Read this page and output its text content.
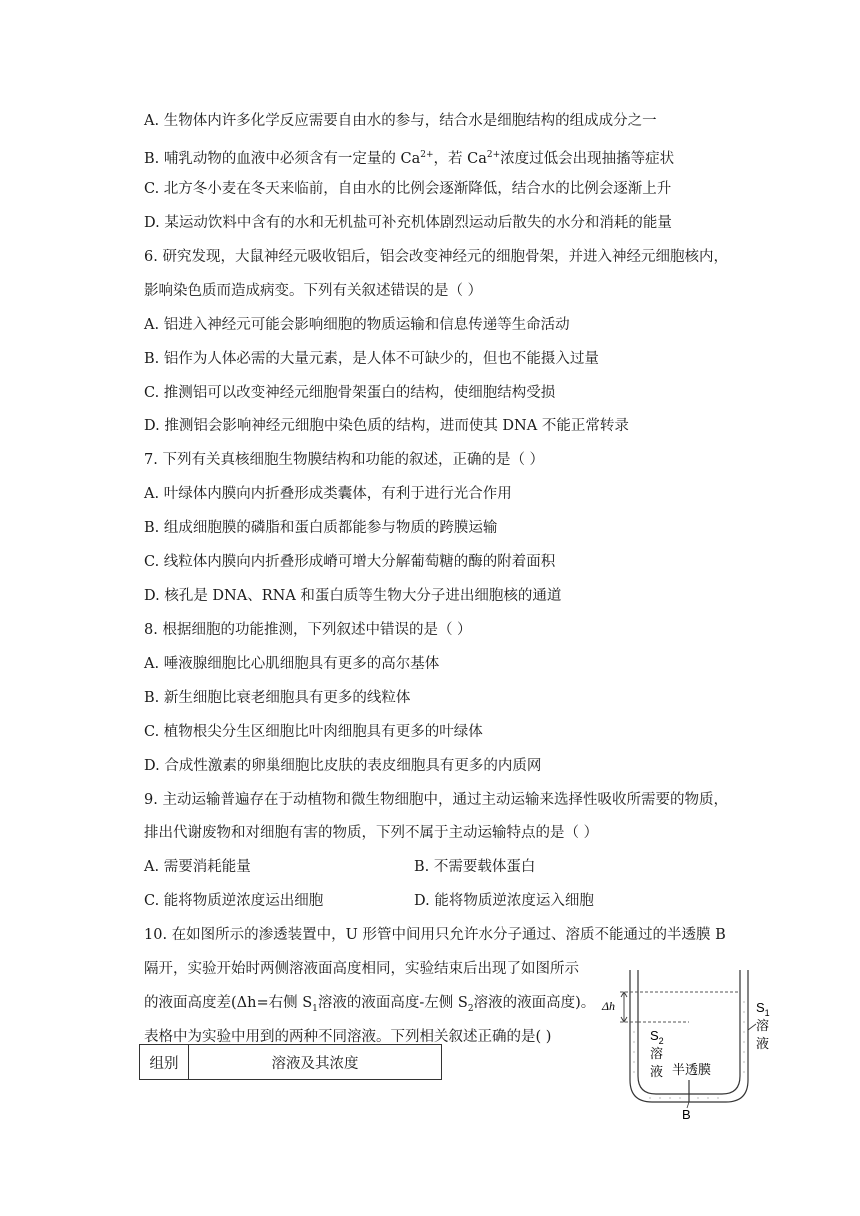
A. 生物体内许多化学反应需要自由水的参与，结合水是细胞结构的组成成分之一
B. 哺乳动物的血液中必须含有一定量的 $Ca^{2+}$，若 $Ca^{2+}$浓度过低会出现抽搐等症状
C. 北方冬小麦在冬天来临前，自由水的比例会逐渐降低，结合水的比例会逐渐上升
D. 某运动饮料中含有的水和无机盐可补充机体剧烈运动后散失的水分和消耗的能量
6. 研究发现，大鼠神经元吸收铝后，铝会改变神经元的细胞骨架，并进入神经元细胞核内，
影响染色质而造成病变。下列有关叙述错误的是（ ）
A. 铝进入神经元可能会影响细胞的物质运输和信息传递等生命活动
B. 铝作为人体必需的大量元素，是人体不可缺少的，但也不能摄入过量
C. 推测铝可以改变神经元细胞骨架蛋白的结构，使细胞结构受损
D. 推测铝会影响神经元细胞中染色质的结构，进而使其 DNA 不能正常转录
7. 下列有关真核细胞生物膜结构和功能的叙述，正确的是（ ）
A. 叶绿体内膜向内折叠形成类囊体，有利于进行光合作用
B. 组成细胞膜的磷脂和蛋白质都能参与物质的跨膜运输
C. 线粒体内膜向内折叠形成嵴可增大分解葡萄糖的酶的附着面积
D. 核孔是 DNA、RNA 和蛋白质等生物大分子进出细胞核的通道
8. 根据细胞的功能推测，下列叙述中错误的是（ ）
A. 唾液腺细胞比心肌细胞具有更多的高尔基体
B. 新生细胞比衰老细胞具有更多的线粒体
C. 植物根尖分生区细胞比叶肉细胞具有更多的叶绿体
D. 合成性激素的卵巢细胞比皮肤的表皮细胞具有更多的内质网
9. 主动运输普遍存在于动植物和微生物细胞中，通过主动运输来选择性吸收所需要的物质，
排出代谢废物和对细胞有害的物质，下列不属于主动运输特点的是（ ）
A. 需要消耗能量	B. 不需要载体蛋白
C. 能将物质逆浓度运出细胞	D. 能将物质逆浓度运入细胞
10. 在如图所示的渗透装置中，U 形管中间用只允许水分子通过、溶质不能通过的半透膜 B
隔开，实验开始时两侧溶液面高度相同，实验结束后出现了如图所示
的液面高度差(Δh=右侧 $S_1$溶液的液面高度-左侧 $S_2$溶液的液面高度)。
表格中为实验中用到的两种不同溶液。下列相关叙述正确的是( )
组别	溶液及其浓度
Δh	$S_1$
溶
液
$S_2$
溶
液 半透膜
B
